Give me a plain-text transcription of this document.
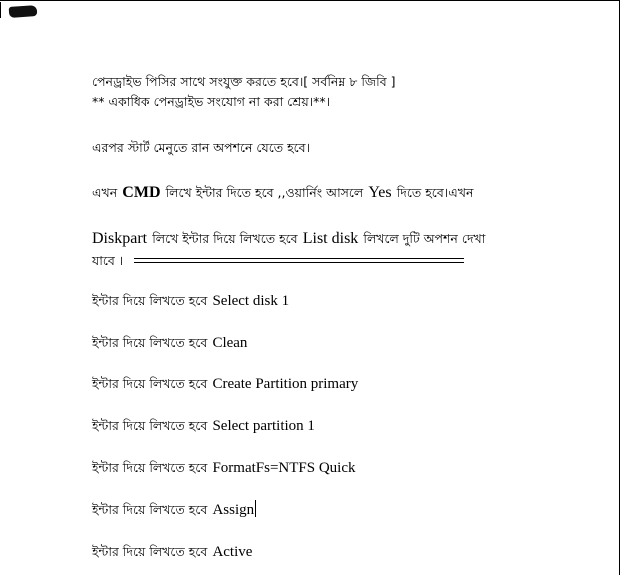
পেনড্রাইভ পিসির সাথে সংযুক্ত করতে হবে।[ সর্বনিম্ন ৮ জিবি ]
** একাধিক পেনড্রাইভ সংযোগ না করা শ্রেয়।**।
এরপর স্টার্ট মেনুতে রান অপশনে যেতে হবে।
এখন CMD লিখে ইন্টার দিতে হবে ,,ওয়ার্নিং আসলে Yes দিতে হবে।এখন
Diskpart লিখে ইন্টার দিয়ে লিখতে হবে List disk লিখলে দুটি অপশন দেখা
যাবে ।
ইন্টার দিয়ে লিখতে হবে Select disk 1
ইন্টার দিয়ে লিখতে হবে Clean
ইন্টার দিয়ে লিখতে হবে Create Partition primary
ইন্টার দিয়ে লিখতে হবে Select partition 1
ইন্টার দিয়ে লিখতে হবে FormatFs=NTFS Quick
ইন্টার দিয়ে লিখতে হবে Assign
ইন্টার দিয়ে লিখতে হবে Active
